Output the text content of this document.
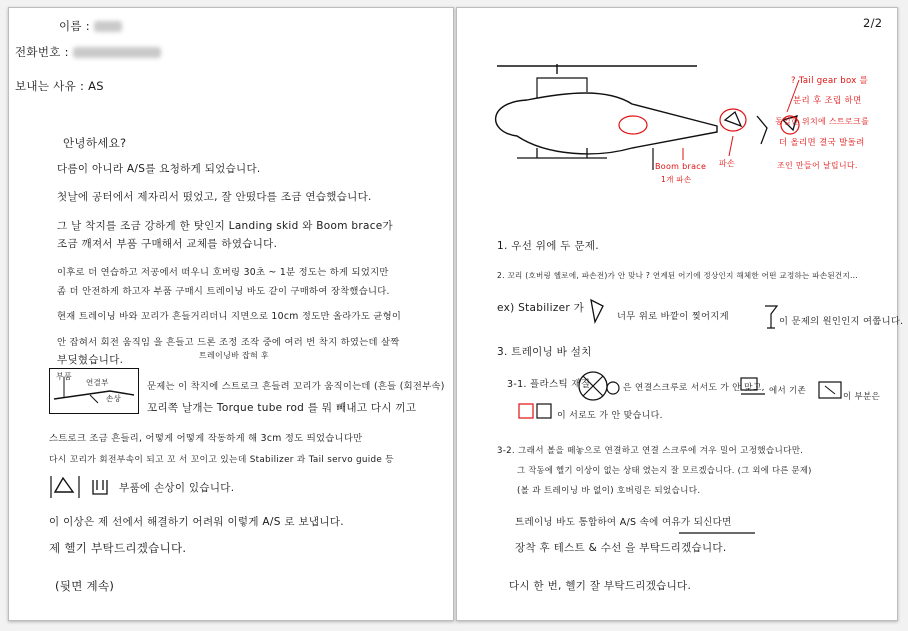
이름 :
전화번호 :
보내는 사유 : AS
안녕하세요?
다름이 아니라 A/S를 요청하게 되었습니다.
첫날에 공터에서 제자리서 떴었고, 잘 안떴다를 조금 연습했습니다.
그 날 착지를 조금 강하게 한 탓인지 Landing skid 와 Boom brace가
조금 깨져서 부품 구매해서 교체를 하였습니다.
이후로 더 연습하고 저공에서 떠우니 호버링 30초 ~ 1분 정도는 하게 되었지만
좀 더 안전하게 하고자 부품 구매시 트레이닝 바도 같이 구매하여 장착했습니다.
현재 트레이닝 바와 꼬리가 흔들거리더니 지면으로 10cm 정도만 올라가도 균형이
안 잡혀서 회전 움직임 을 흔들고 드론 조정 조작 중에 여러 번 착지 하였는데 살짝
부딪혔습니다.	트레이닝바 잡혀 후
부품
연결부
손상
문제는 이 착지에 스트로크 흔들려 꼬리가 움직이는데 (흔들 (회전부속)
꼬리쪽 날개는 Torque tube rod 를 뭐 빼내고 다시 끼고
스트로크 조금 흔들리, 어떻게 어떻게 작동하게 해 3cm 정도 띄었습니다만
다시 꼬리가 회전부속이 되고 꼬 서 꼬이고 있는데 Stabilizer 과 Tail servo guide 등
부품에 손상이 있습니다.
이 이상은 제 선에서 해결하기 어려워 이렇게 A/S 로 보냅니다.
제 헬기 부탁드리겠습니다.
(뒷면 계속)
2/2
Boom brace
1개 파손
파손
? Tail gear box 를
분리 후 조립 하면
동일한 위치에 스트로크를
더 올리면 결국 발돌려
조인 만들어 날립니다.
1. 우선 위에 두 문제.
2. 꼬리 (호버링 헬로에, 파손전)가 안 맞나 ? 연계된 어기에 정상인지 해체한 어떤 교정하는 파손된건지...
ex) Stabilizer 가
너무 위로 바깥이 찢어지게	이 문제의 원인인지 여쭙니다.
3. 트레이닝 바 설치
3-1. 플라스틱 재질	은 연결스크루로 서서도 가 안 맞고, 에서 기존
이 부분은
이 서로도 가 안 맞습니다.
3-2. 그래서 볼을 떼놓으로 연결하고 연결 스크루에 겨우 밀어 고정했습니다만.
그 작동에 헬기 이상이 없는 상태 였는지 잘 모르겠습니다. (그 외에 다른 문제)
(볼 과 트레이닝 바 없이) 호버링은 되었습니다.
트레이닝 바도 통합하여 A/S 속에 여유가 되신다면
장착 후 테스트 & 수선 을 부탁드리겠습니다.
다시 한 번, 헬기 잘 부탁드리겠습니다.
